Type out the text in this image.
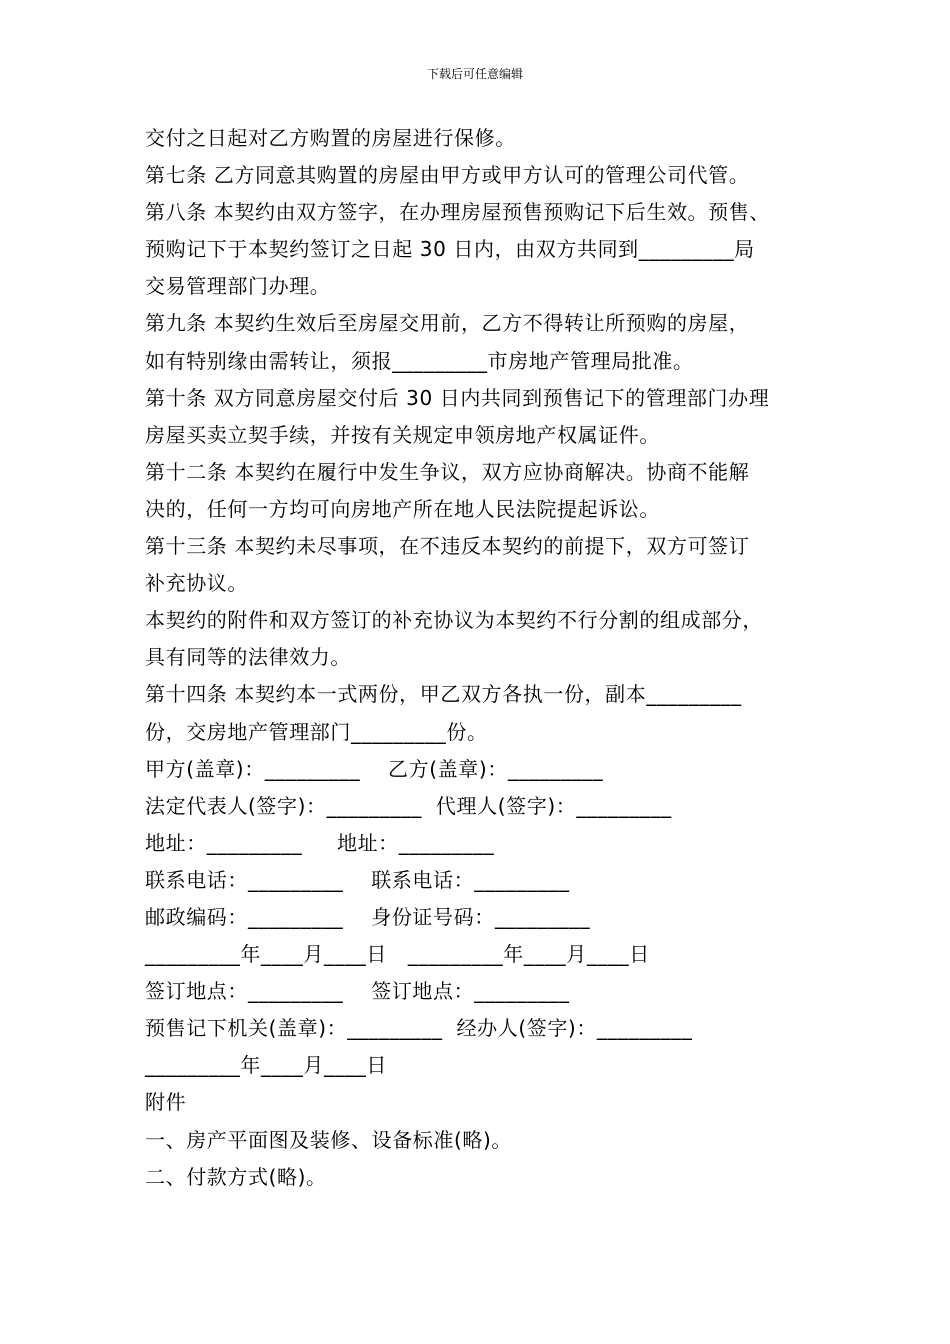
下载后可任意编辑
交付之日起对乙方购置的房屋进行保修。
第七条 乙方同意其购置的房屋由甲方或甲方认可的管理公司代管。
第八条 本契约由双方签字，在办理房屋预售预购记下后生效。预售、
预购记下于本契约签订之日起 30 日内，由双方共同到_________局
交易管理部门办理。
第九条 本契约生效后至房屋交用前，乙方不得转让所预购的房屋，
如有特别缘由需转让，须报_________市房地产管理局批准。
第十条 双方同意房屋交付后 30 日内共同到预售记下的管理部门办理
房屋买卖立契手续，并按有关规定申领房地产权属证件。
第十二条 本契约在履行中发生争议，双方应协商解决。协商不能解
决的，任何一方均可向房地产所在地人民法院提起诉讼。
第十三条 本契约未尽事项，在不违反本契约的前提下，双方可签订
补充协议。
本契约的附件和双方签订的补充协议为本契约不行分割的组成部分，
具有同等的法律效力。
第十四条 本契约本一式两份，甲乙双方各执一份，副本_________
份，交房地产管理部门_________份。
甲方(盖章)：_________    乙方(盖章)：_________
法定代表人(签字)：_________  代理人(签字)：_________
地址：_________     地址：_________
联系电话：_________    联系电话：_________
邮政编码：_________    身份证号码：_________
_________年____月____日   _________年____月____日
签订地点：_________    签订地点：_________
预售记下机关(盖章)：_________  经办人(签字)：_________
_________年____月____日
附件
一、房产平面图及装修、设备标准(略)。
二、付款方式(略)。
